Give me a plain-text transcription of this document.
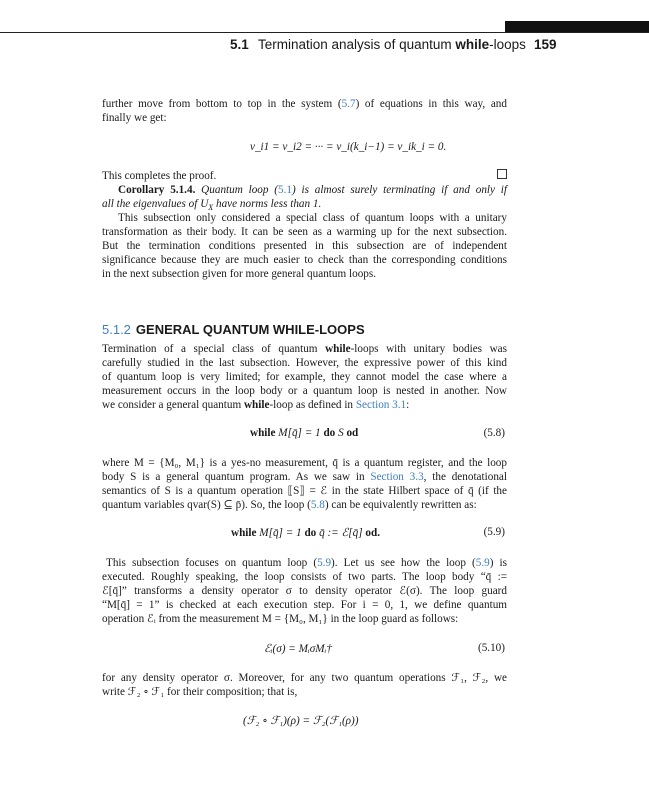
5.1 Termination analysis of quantum while-loops 159
further move from bottom to top in the system (5.7) of equations in this way, and
finally we get:
v_i1 = v_i2 = ··· = v_i(k_i−1) = v_ik_i = 0.
This completes the proof.
Corollary 5.1.4. Quantum loop (5.1) is almost surely terminating if and only if
all the eigenvalues of $U_X$ have norms less than 1.
This subsection only considered a special class of quantum loops with a unitary
transformation as their body. It can be seen as a warming up for the next subsection.
But the termination conditions presented in this subsection are of independent
significance because they are much easier to check than the corresponding conditions
in the next subsection given for more general quantum loops.
5.1.2 GENERAL QUANTUM WHILE-LOOPS
Termination of a special class of quantum while-loops with unitary bodies was
carefully studied in the last subsection. However, the expressive power of this kind
of quantum loop is very limited; for example, they cannot model the case where a
measurement occurs in the loop body or a quantum loop is nested in another. Now
we consider a general quantum while-loop as defined in Section 3.1:
while M[q̄] = 1 do S od	(5.8)
where M = {M₀, M₁} is a yes-no measurement, q̄ is a quantum register, and the loop
body S is a general quantum program. As we saw in Section 3.3, the denotational
semantics of S is a quantum operation ⟦S⟧ = ℰ in the state Hilbert space of q̄ (if the
quantum variables qvar(S) ⊆ p̄). So, the loop (5.8) can be equivalently rewritten as:
while M[q̄] = 1 do q̄ := ℰ[q̄] od.	(5.9)
This subsection focuses on quantum loop (5.9). Let us see how the loop (5.9) is
executed. Roughly speaking, the loop consists of two parts. The loop body “q̄ :=
ℰ[q̄]” transforms a density operator σ to density operator ℰ(σ). The loop guard
“M[q̄] = 1” is checked at each execution step. For i = 0, 1, we define quantum
operation ℰᵢ from the measurement M = {M₀, M₁} in the loop guard as follows:
ℰᵢ(σ) = MᵢσMᵢ†	(5.10)
for any density operator σ. Moreover, for any two quantum operations ℱ₁, ℱ₂, we
write ℱ₂ ∘ ℱ₁ for their composition; that is,
(ℱ₂ ∘ ℱ₁)(ρ) = ℱ₂(ℱ₁(ρ))
